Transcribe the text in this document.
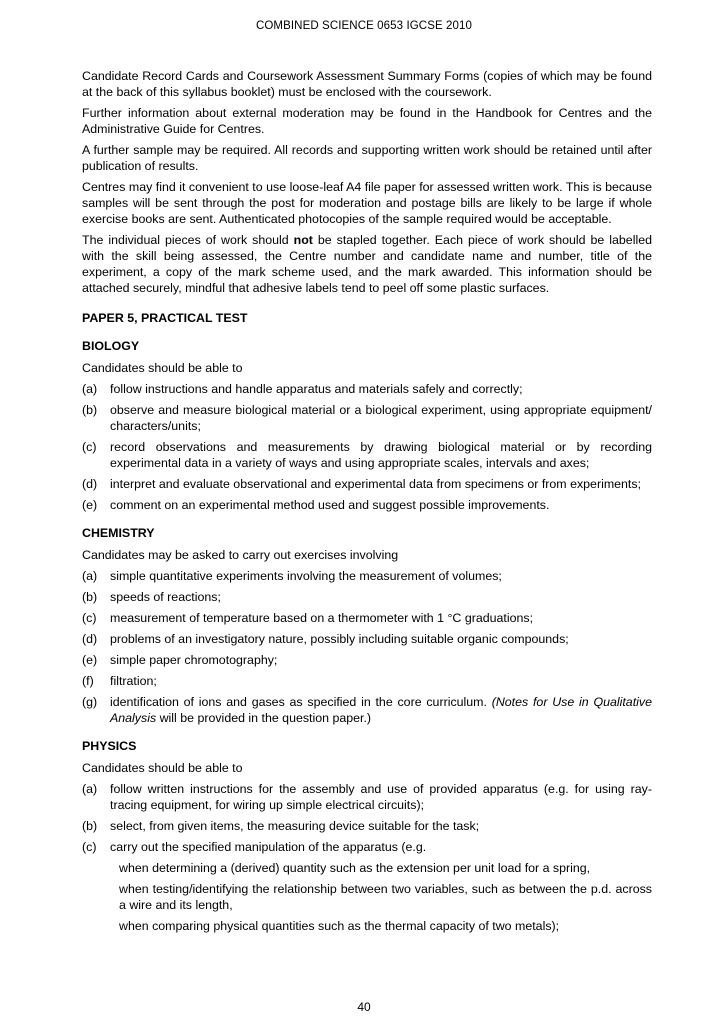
COMBINED SCIENCE 0653 IGCSE 2010

Candidate Record Cards and Coursework Assessment Summary Forms (copies of which may be found at the back of this syllabus booklet) must be enclosed with the coursework.

Further information about external moderation may be found in the Handbook for Centres and the Administrative Guide for Centres.

A further sample may be required. All records and supporting written work should be retained until after publication of results.

Centres may find it convenient to use loose-leaf A4 file paper for assessed written work. This is because samples will be sent through the post for moderation and postage bills are likely to be large if whole exercise books are sent. Authenticated photocopies of the sample required would be acceptable.

The individual pieces of work should not be stapled together. Each piece of work should be labelled with the skill being assessed, the Centre number and candidate name and number, title of the experiment, a copy of the mark scheme used, and the mark awarded. This information should be attached securely, mindful that adhesive labels tend to peel off some plastic surfaces.

PAPER 5, PRACTICAL TEST

BIOLOGY

Candidates should be able to

(a)	follow instructions and handle apparatus and materials safely and correctly;
(b)	observe and measure biological material or a biological experiment, using appropriate equipment/ characters/units;
(c)	record observations and measurements by drawing biological material or by recording experimental data in a variety of ways and using appropriate scales, intervals and axes;
(d)	interpret and evaluate observational and experimental data from specimens or from experiments;
(e)	comment on an experimental method used and suggest possible improvements.

CHEMISTRY

Candidates may be asked to carry out exercises involving

(a)	simple quantitative experiments involving the measurement of volumes;
(b)	speeds of reactions;
(c)	measurement of temperature based on a thermometer with 1 °C graduations;
(d)	problems of an investigatory nature, possibly including suitable organic compounds;
(e)	simple paper chromotography;
(f)	filtration;
(g)	identification of ions and gases as specified in the core curriculum. (Notes for Use in Qualitative Analysis will be provided in the question paper.)

PHYSICS

Candidates should be able to

(a)	follow written instructions for the assembly and use of provided apparatus (e.g. for using ray-tracing equipment, for wiring up simple electrical circuits);
(b)	select, from given items, the measuring device suitable for the task;
(c)	carry out the specified manipulation of the apparatus (e.g.

when determining a (derived) quantity such as the extension per unit load for a spring,

when testing/identifying the relationship between two variables, such as between the p.d. across a wire and its length,

when comparing physical quantities such as the thermal capacity of two metals);

40
